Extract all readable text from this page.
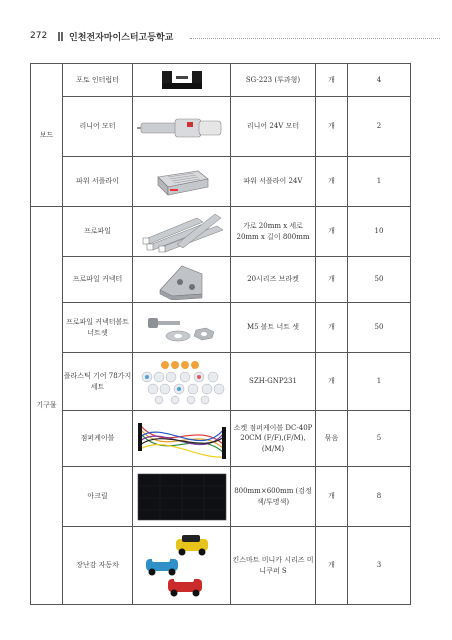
272 인천전자마이스터고등학교
보드	포토 인터럽터		SG-223 (투과형)	개	4
	리니어 모터		리니어 24V 모터	개	2
	파워 서플라이		파워 서플라이 24V	개	1
기구물	프로파일		가로 20mm x 세로 20mm x 길이 800mm	개	10
	프로파일 커넥터		20시리즈 브라켓	개	50
	프로파일 커넥터볼트너트셋		M5 볼트 너트 셋	개	50
	플라스틱 기어 78가지 세트		SZH-GNP231	개	1
	점퍼케이블		소켓 점퍼케이블 DC-40P 20CM (F/F),(F/M),(M/M)	묶음	5
	아크릴		800mm×600mm (검정색/투명색)	개	8
	장난감 자동차		킨스마트 미니카 시리즈 미니쿠퍼 S	개	3
